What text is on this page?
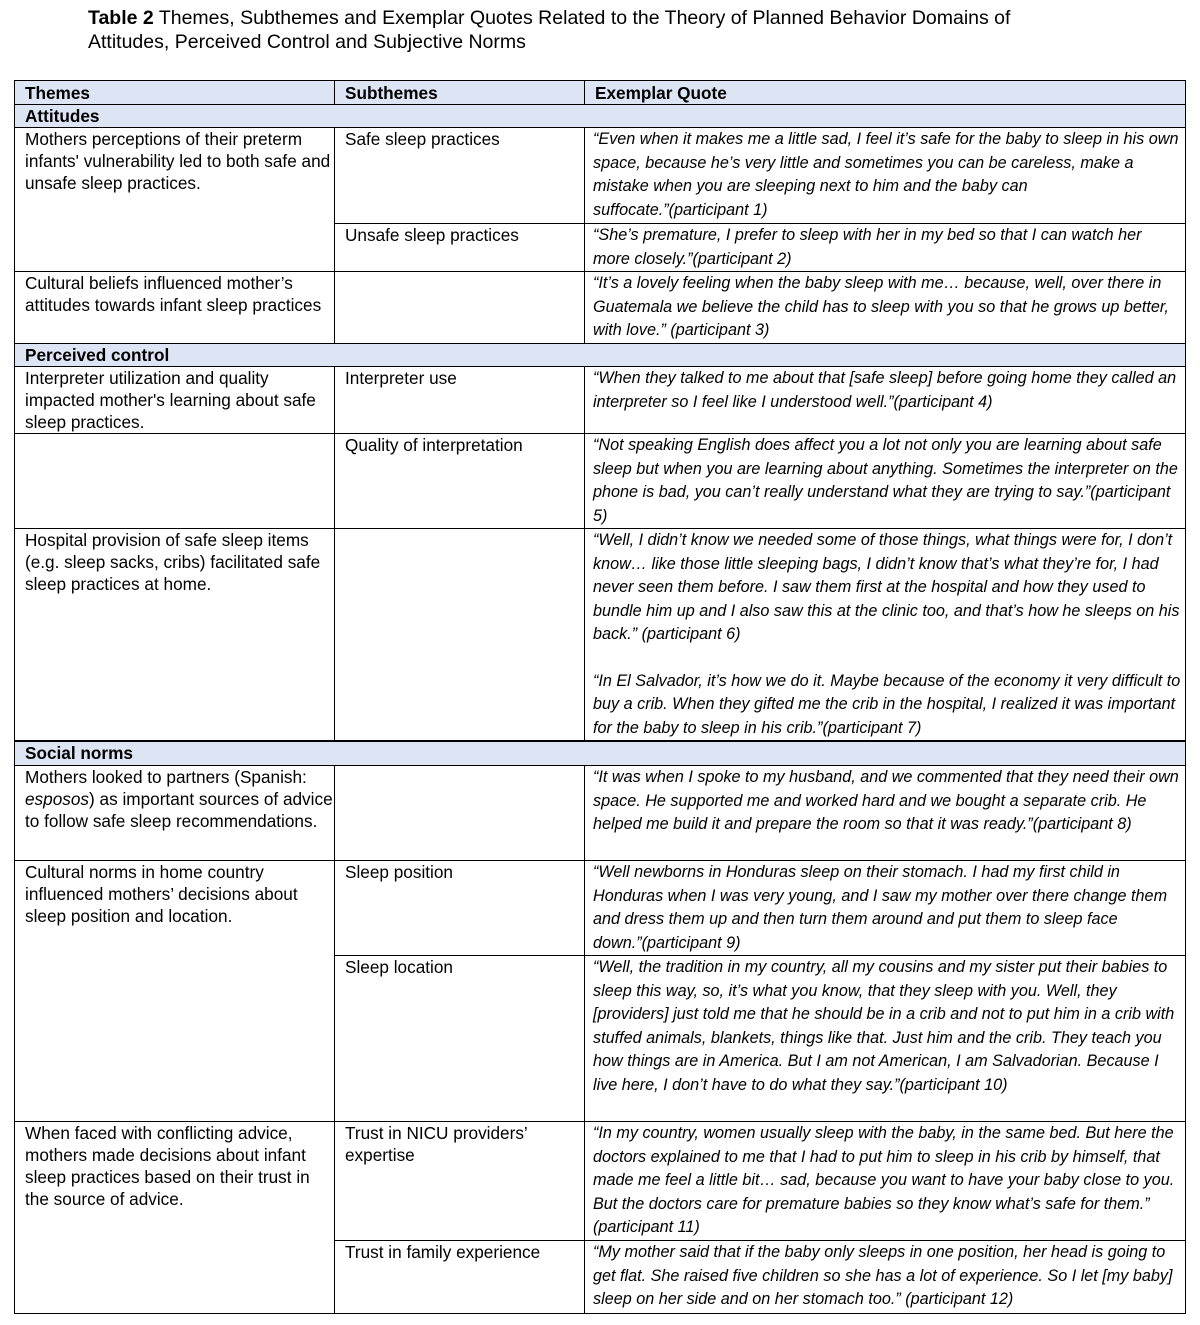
Table 2 Themes, Subthemes and Exemplar Quotes Related to the Theory of Planned Behavior Domains of Attitudes, Perceived Control and Subjective Norms
Themes	Subthemes	Exemplar Quote
Attitudes		
Mothers perceptions of their preterm infants' vulnerability led to both safe and unsafe sleep practices.	Safe sleep practices	“Even when it makes me a little sad, I feel it’s safe for the baby to sleep in his own space, because he’s very little and sometimes you can be careless, make a mistake when you are sleeping next to him and the baby can suffocate.”(participant 1)
	Unsafe sleep practices	“She’s premature, I prefer to sleep with her in my bed so that I can watch her more closely.”(participant 2)
Cultural beliefs influenced mother’s attitudes towards infant sleep practices		“It’s a lovely feeling when the baby sleep with me… because, well, over there in Guatemala we believe the child has to sleep with you so that he grows up better, with love.” (participant 3)
Perceived control		
Interpreter utilization and quality impacted mother's learning about safe sleep practices.	Interpreter use	“When they talked to me about that [safe sleep] before going home they called an interpreter so I feel like I understood well.”(participant 4)
	Quality of interpretation	“Not speaking English does affect you a lot not only you are learning about safe sleep but when you are learning about anything. Sometimes the interpreter on the phone is bad, you can’t really understand what they are trying to say.”(participant 5)
Hospital provision of safe sleep items (e.g. sleep sacks, cribs) facilitated safe sleep practices at home.		“Well, I didn’t know we needed some of those things, what things were for, I don’t know… like those little sleeping bags, I didn’t know that’s what they’re for, I had never seen them before. I saw them first at the hospital and how they used to bundle him up and I also saw this at the clinic too, and that’s how he sleeps on his back.” (participant 6)
“In El Salvador, it’s how we do it. Maybe because of the economy it very difficult to buy a crib. When they gifted me the crib in the hospital, I realized it was important for the baby to sleep in his crib.”(participant 7)
Social norms		
Mothers looked to partners (Spanish: esposos) as important sources of advice to follow safe sleep recommendations.		“It was when I spoke to my husband, and we commented that they need their own space. He supported me and worked hard and we bought a separate crib. He helped me build it and prepare the room so that it was ready.”(participant 8)
Cultural norms in home country influenced mothers’ decisions about sleep position and location.	Sleep position	“Well newborns in Honduras sleep on their stomach. I had my first child in Honduras when I was very young, and I saw my mother over there change them and dress them up and then turn them around and put them to sleep face down.”(participant 9)
	Sleep location	“Well, the tradition in my country, all my cousins and my sister put their babies to sleep this way, so, it’s what you know, that they sleep with you. Well, they [providers] just told me that he should be in a crib and not to put him in a crib with stuffed animals, blankets, things like that. Just him and the crib. They teach you how things are in America. But I am not American, I am Salvadorian. Because I live here, I don’t have to do what they say.”(participant 10)
When faced with conflicting advice, mothers made decisions about infant sleep practices based on their trust in the source of advice.	Trust in NICU providers’ expertise	“In my country, women usually sleep with the baby, in the same bed. But here the doctors explained to me that I had to put him to sleep in his crib by himself, that made me feel a little bit… sad, because you want to have your baby close to you. But the doctors care for premature babies so they know what’s safe for them.” (participant 11)
	Trust in family experience	“My mother said that if the baby only sleeps in one position, her head is going to get flat. She raised five children so she has a lot of experience. So I let [my baby] sleep on her side and on her stomach too.” (participant 12)
